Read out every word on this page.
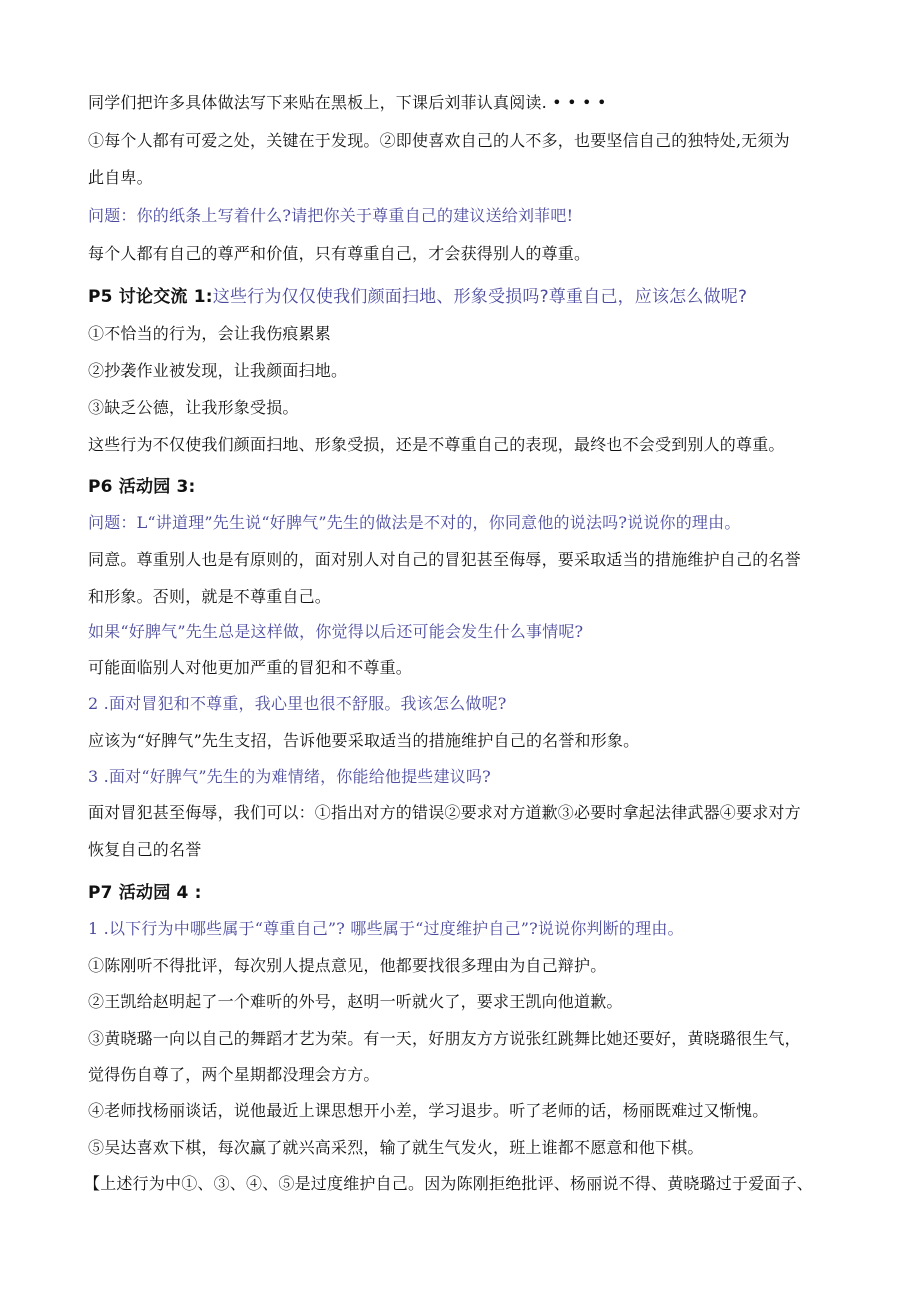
同学们把许多具体做法写下来贴在黑板上，下课后刘菲认真阅读. • • • •
①每个人都有可爱之处，关键在于发现。②即使喜欢自己的人不多，也要坚信自己的独特处,无须为
此自卑。
问题：你的纸条上写着什么?请把你关于尊重自己的建议送给刘菲吧!
每个人都有自己的尊严和价值，只有尊重自己，才会获得别人的尊重。
P5 讨论交流 1:这些行为仅仅使我们颜面扫地、形象受损吗?尊重自己，应该怎么做呢?
①不恰当的行为，会让我伤痕累累
②抄袭作业被发现，让我颜面扫地。
③缺乏公德，让我形象受损。
这些行为不仅使我们颜面扫地、形象受损，还是不尊重自己的表现，最终也不会受到别人的尊重。
P6 活动园 3:
问题：L“讲道理”先生说“好脾气”先生的做法是不对的，你同意他的说法吗?说说你的理由。
同意。尊重别人也是有原则的，面对别人对自己的冒犯甚至侮辱，要采取适当的措施维护自己的名誉
和形象。否则，就是不尊重自己。
如果“好脾气”先生总是这样做，你觉得以后还可能会发生什么事情呢?
可能面临别人对他更加严重的冒犯和不尊重。
2 .面对冒犯和不尊重，我心里也很不舒服。我该怎么做呢?
应该为“好脾气”先生支招，告诉他要采取适当的措施维护自己的名誉和形象。
3 .面对“好脾气”先生的为难情绪，你能给他提些建议吗?
面对冒犯甚至侮辱，我们可以：①指出对方的错误②要求对方道歉③必要时拿起法律武器④要求对方
恢复自己的名誉
P7 活动园 4 :
1 .以下行为中哪些属于“尊重自己”? 哪些属于“过度维护自己”?说说你判断的理由。
①陈刚听不得批评，每次别人提点意见，他都要找很多理由为自己辩护。
②王凯给赵明起了一个难听的外号，赵明一听就火了，要求王凯向他道歉。
③黄晓璐一向以自己的舞蹈才艺为荣。有一天，好朋友方方说张红跳舞比她还要好，黄晓璐很生气，
觉得伤自尊了，两个星期都没理会方方。
④老师找杨丽谈话，说他最近上课思想开小差，学习退步。听了老师的话，杨丽既难过又惭愧。
⑤吴达喜欢下棋，每次赢了就兴高采烈，输了就生气发火，班上谁都不愿意和他下棋。
【上述行为中①、③、④、⑤是过度维护自己。因为陈刚拒绝批评、杨丽说不得、黄晓璐过于爱面子、
